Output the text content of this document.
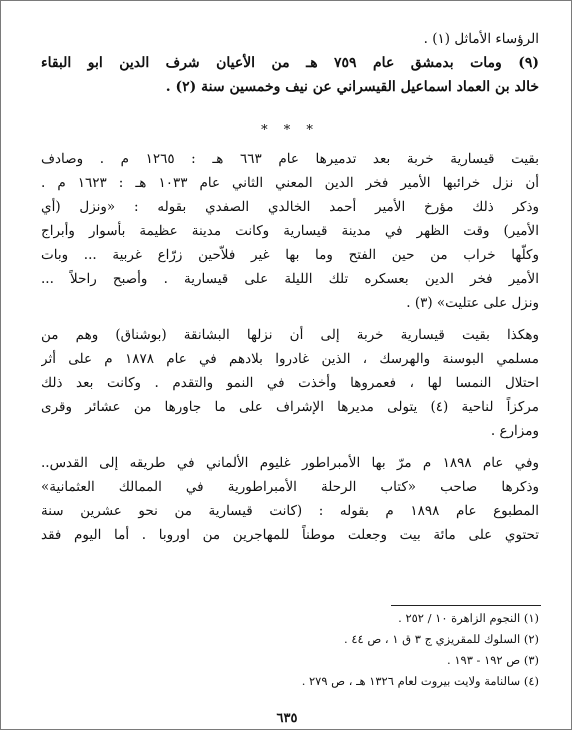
الرؤساء الأماثل (١) .
(٩) ومات بدمشق عام ٧٥٩ هـ من الأعيان شرف الدين ابو البقاء
خالد بن العماد اسماعيل القيسراني عن نيف وخمسين سنة (٢) .
* * *
بقيت قيسارية خربة بعد تدميرها عام ٦٦٣ هـ : ١٢٦٥ م . وصادف
أن نزل خرائبها الأمير فخر الدين المعني الثاني عام ١٠٣٣ هـ : ١٦٢٣ م .
وذكر ذلك مؤرخ الأمير أحمد الخالدي الصفدي بقوله : «ونزل (أي
الأمير) وقت الظهر في مدينة قيسارية وكانت مدينة عظيمة بأسوار وأبراج
وكلّها خراب من حين الفتح وما بها غير فلاّحين زرّاع غربية ... وبات
الأمير فخر الدين بعسكره تلك الليلة على قيسارية . وأصبح راحلاً ...
ونزل على عتليت» (٣) .
وهكذا بقيت قيسارية خربة إلى أن نزلها البشانقة (بوشناق) وهم من
مسلمي البوسنة والهرسك ، الذين غادروا بلادهم في عام ١٨٧٨ م على أثر
احتلال النمسا لها ، فعمروها وأخذت في النمو والتقدم . وكانت بعد ذلك
مركزاً لناحية (٤) يتولى مديرها الإشراف على ما جاورها من عشائر وقرى
ومزارع .
وفي عام ١٨٩٨ م مرّ بها الأمبراطور غليوم الألماني في طريقه إلى القدس..
وذكرها صاحب «كتاب الرحلة الأمبراطورية في الممالك العثمانية»
المطبوع عام ١٨٩٨ م بقوله : (كانت قيسارية من نحو عشرين سنة
تحتوي على مائة بيت وجعلت موطناً للمهاجرين من اوروبا . أما اليوم فقد
(١) النجوم الزاهرة ١٠ / ٢٥٢ .
(٢) السلوك للمقريزي ج ٣ ق ١ ، ص ٤٤ .
(٣) ص ١٩٢ - ١٩٣ .
(٤) سالنامة ولايت بيروت لعام ١٣٢٦ هـ ، ص ٢٧٩ .
٦٣٥
